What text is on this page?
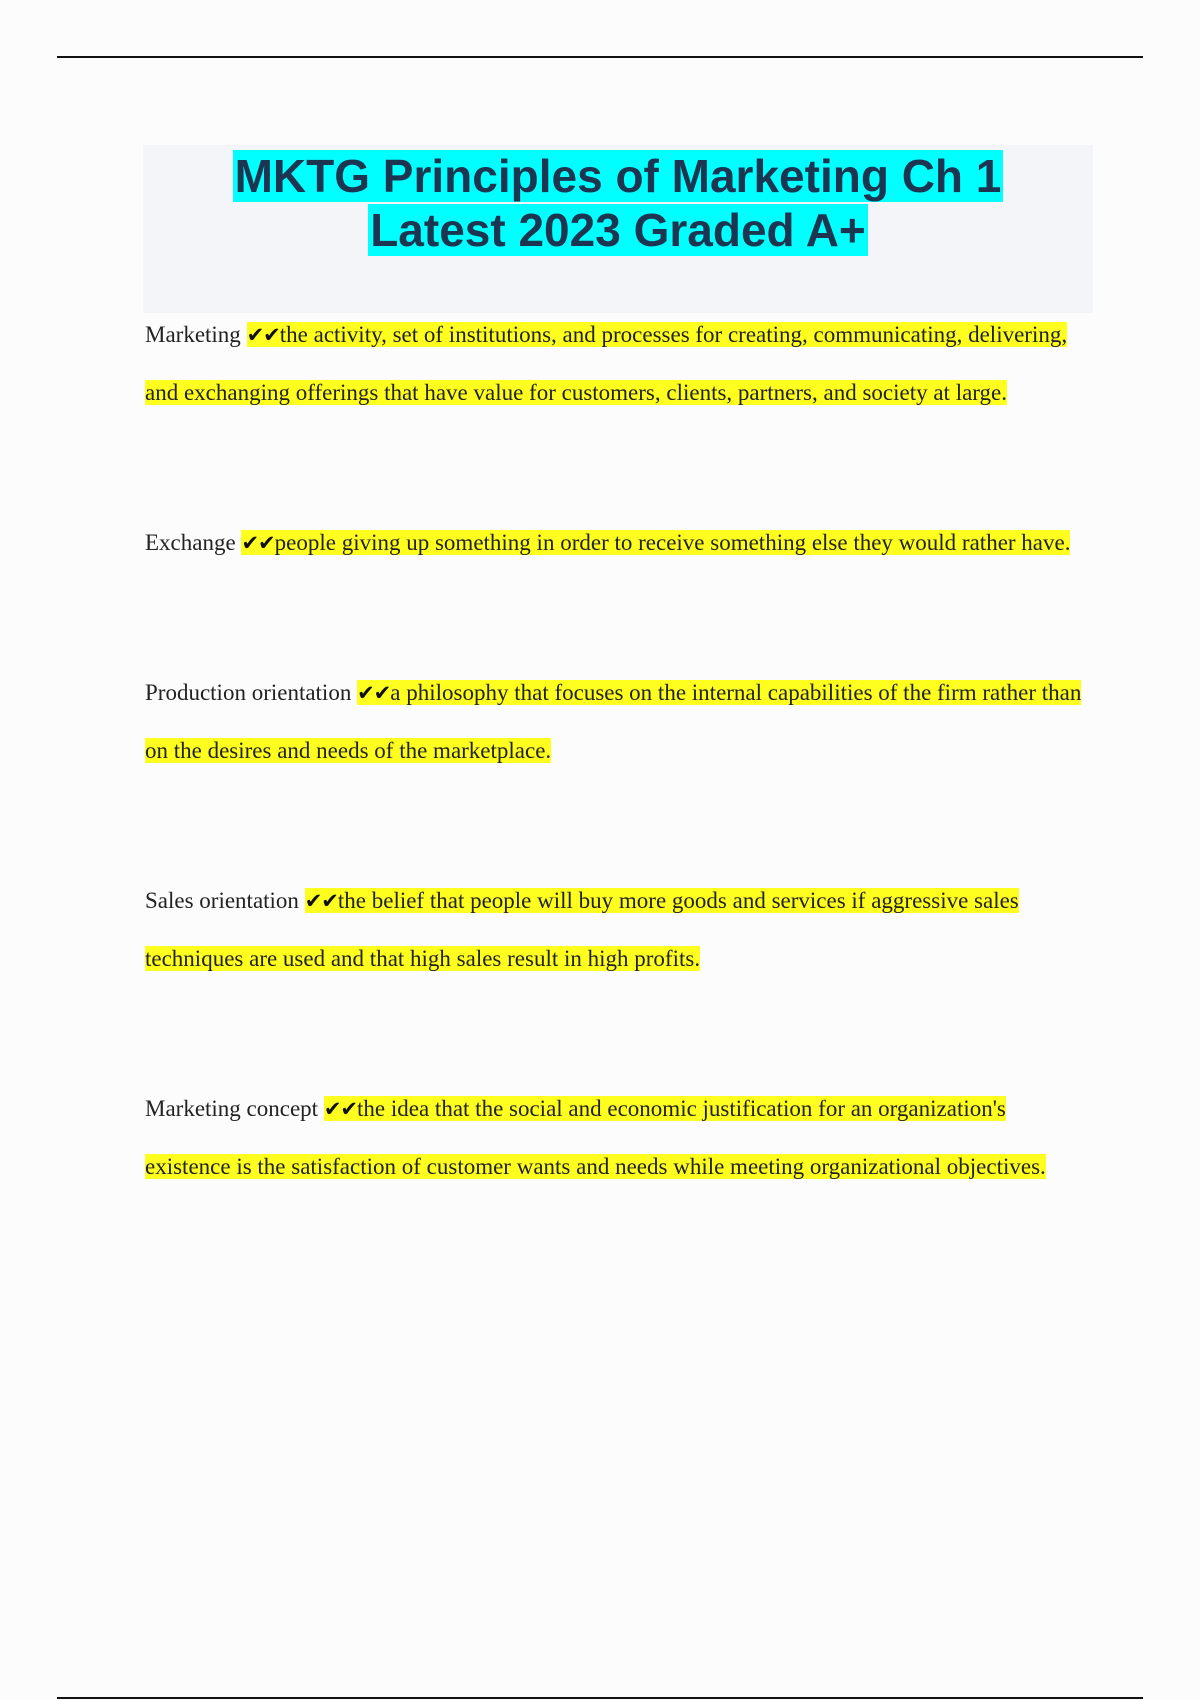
MKTG Principles of Marketing Ch 1
Latest 2023 Graded A+

Marketing ✔✔the activity, set of institutions, and processes for creating, communicating, delivering, and exchanging offerings that have value for customers, clients, partners, and society at large.

Exchange ✔✔people giving up something in order to receive something else they would rather have.

Production orientation ✔✔a philosophy that focuses on the internal capabilities of the firm rather than on the desires and needs of the marketplace.

Sales orientation ✔✔the belief that people will buy more goods and services if aggressive sales techniques are used and that high sales result in high profits.

Marketing concept ✔✔the idea that the social and economic justification for an organization's existence is the satisfaction of customer wants and needs while meeting organizational objectives.
